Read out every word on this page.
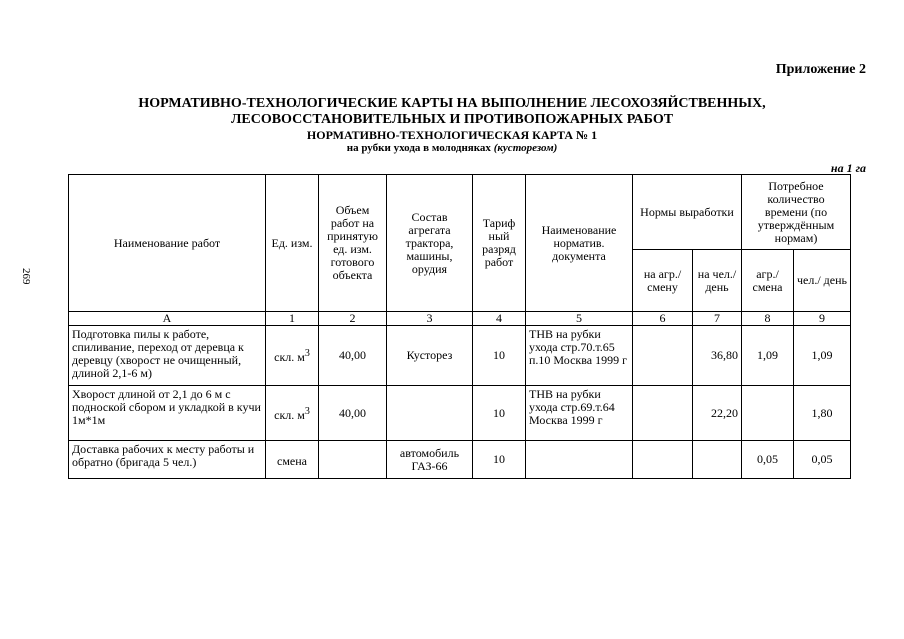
Приложение 2
269
НОРМАТИВНО-ТЕХНОЛОГИЧЕСКИЕ КАРТЫ НА ВЫПОЛНЕНИЕ ЛЕСОХОЗЯЙСТВЕННЫХ,
ЛЕСОВОССТАНОВИТЕЛЬНЫХ И ПРОТИВОПОЖАРНЫХ РАБОТ
НОРМАТИВНО-ТЕХНОЛОГИЧЕСКАЯ КАРТА № 1
на рубки ухода в молодняках (кусторезом)
на 1 га
Наименование работ	Ед. изм.	Объем работ на принятую ед. изм. готового объекта	Состав агрегата трактора, машины, орудия	Тариф ный разряд работ	Наименование норматив. документа	Нормы выработки		Потребное количество времени (по утверждённым нормам)	
						на агр./ смену	на чел./ день	агр./ смена	чел./ день
А	1	2	3	4	5	6	7	8	9
Подготовка пилы к работе, спиливание, переход от деревца к деревцу (хворост не очищенный, длиной 2,1-6 м)	скл. $м^3$	40,00	Кусторез	10	ТНВ на рубки ухода стр.70.т.65 п.10 Москва 1999 г		36,80	1,09	1,09
Хворост длиной от 2,1 до 6 м с подноской сбором и укладкой в кучи 1м*1м	скл. $м^3$	40,00		10	ТНВ на рубки ухода стр.69.т.64 Москва 1999 г		22,20		1,80
Доставка рабочих к месту работы и обратно (бригада 5 чел.)	смена		автомобиль ГАЗ-66	10				0,05	0,05
